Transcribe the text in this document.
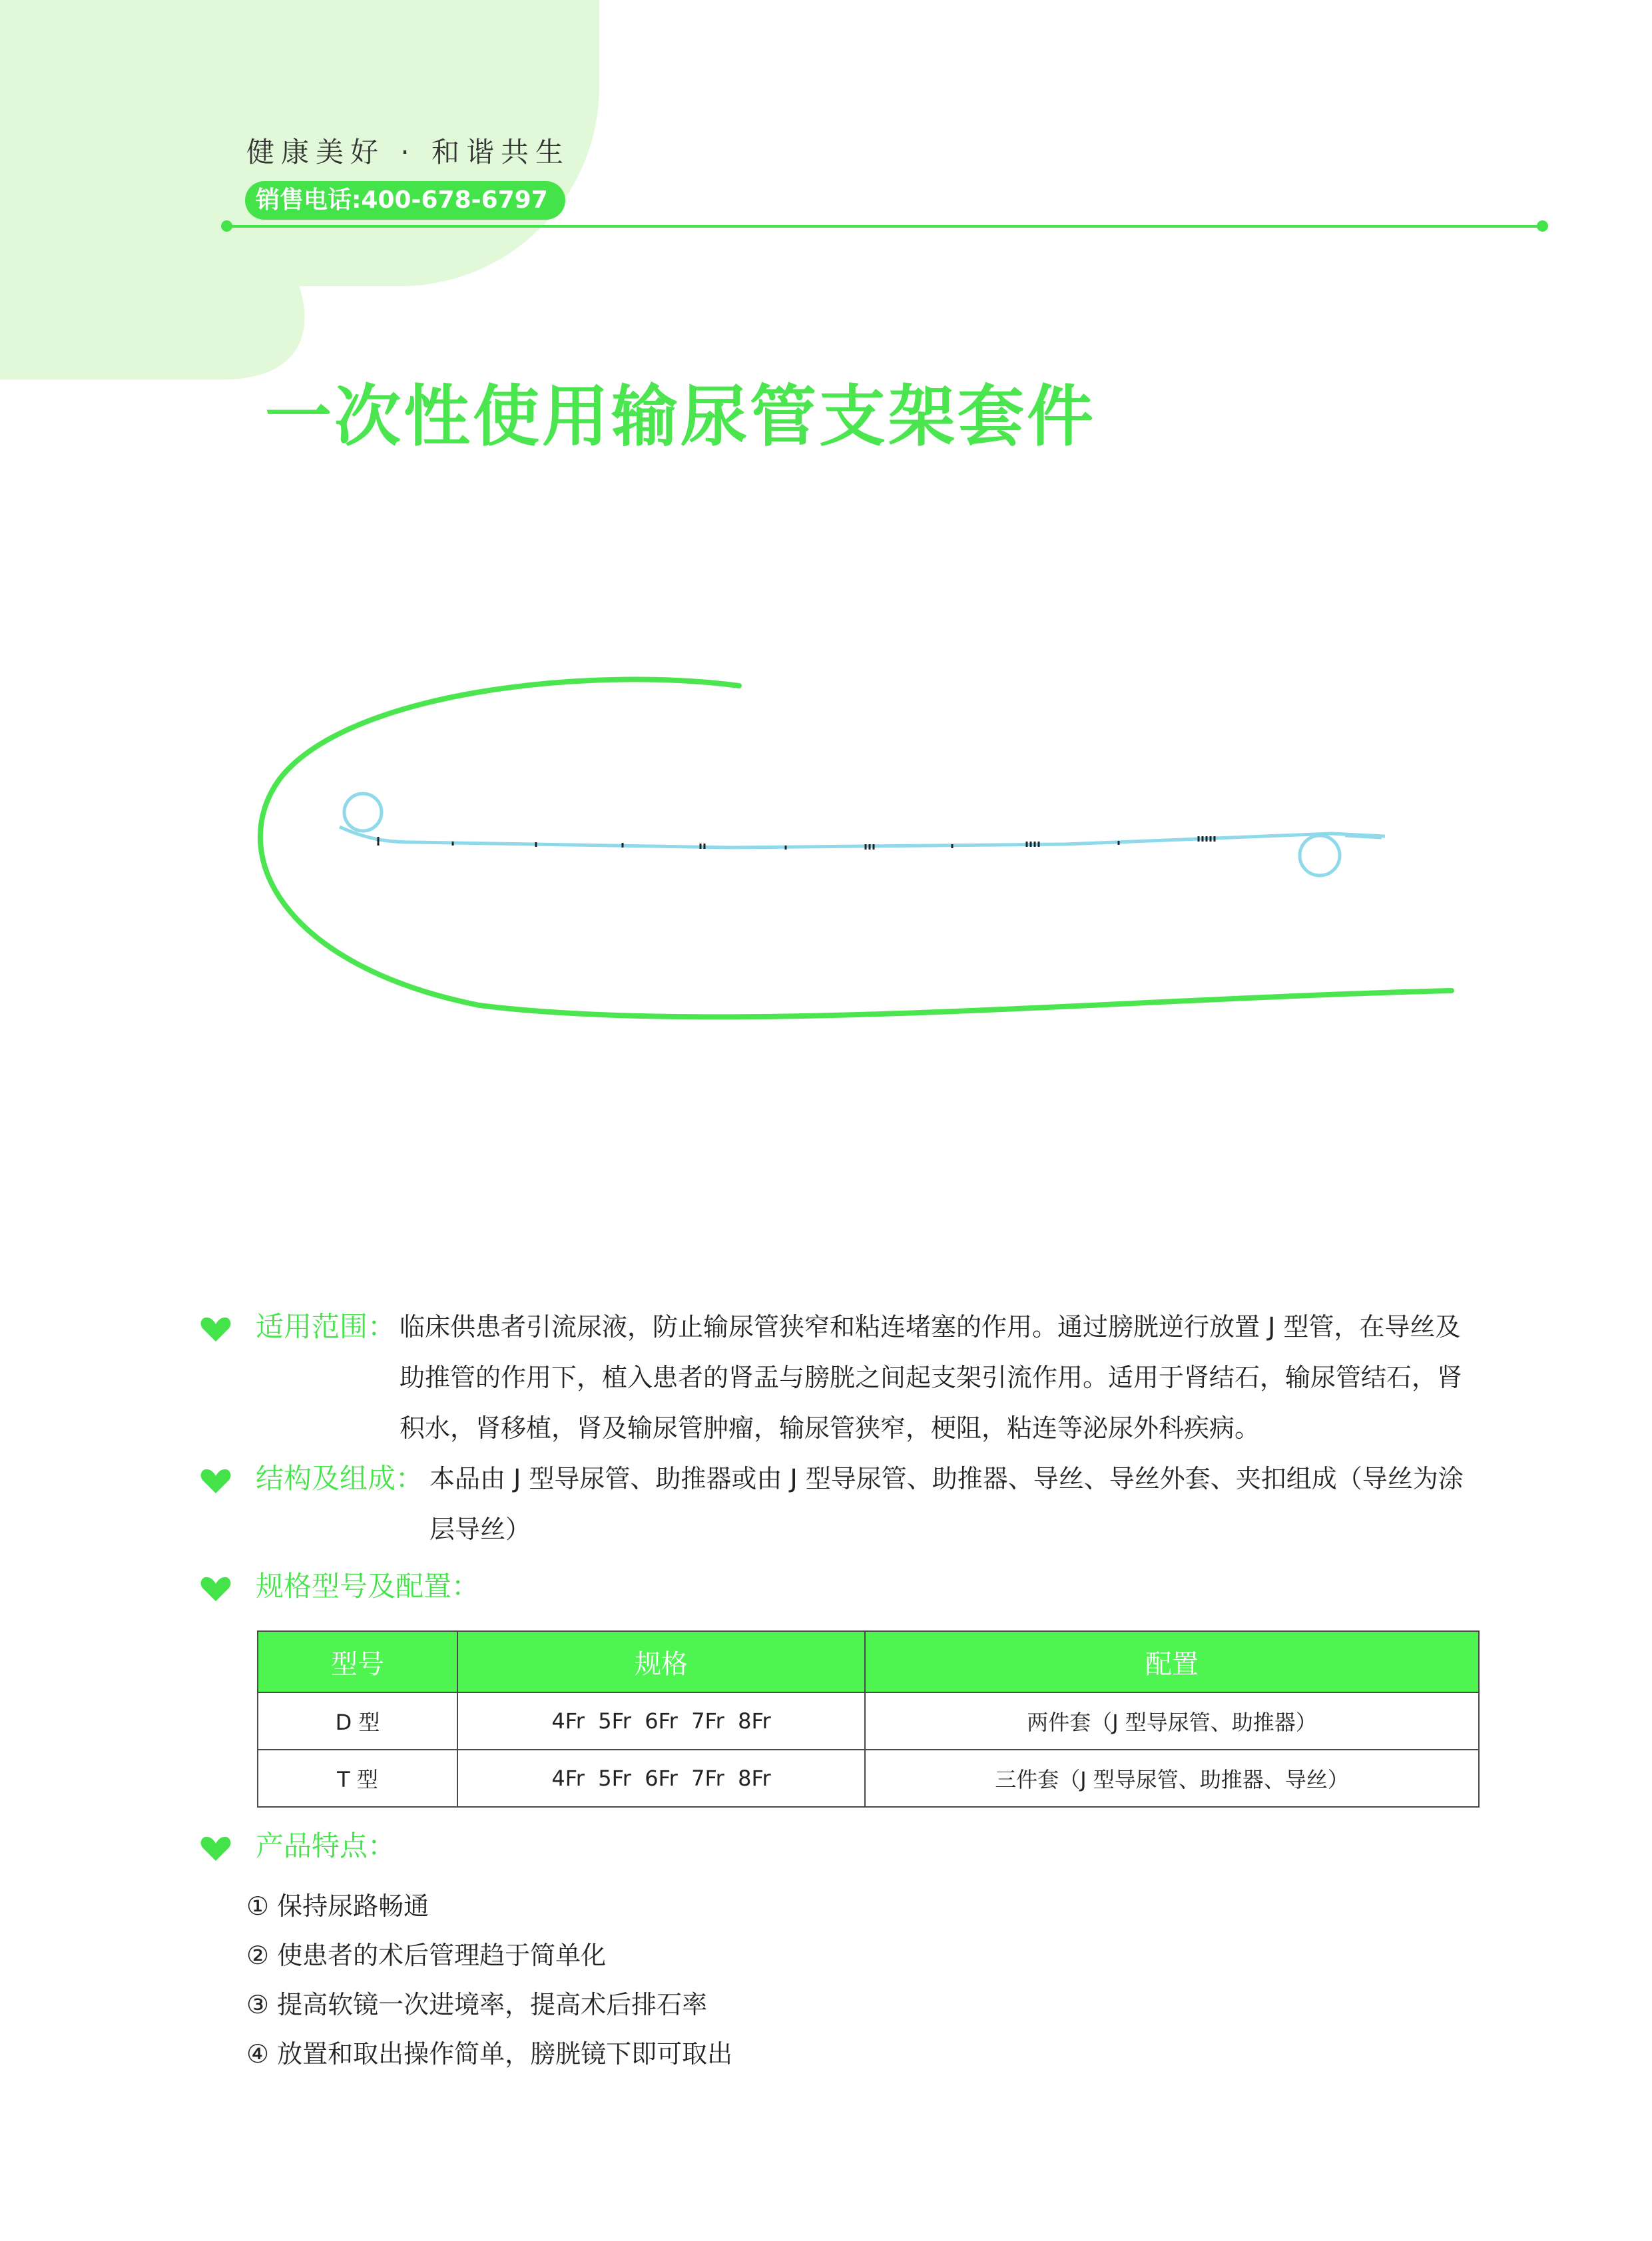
健康美好 · 和谐共生
销售电话:400-678-6797
一次性使用输尿管支架套件
适用范围： 临床供患者引流尿液，防止输尿管狭窄和粘连堵塞的作用。通过膀胱逆行放置 J 型管，在导丝及
助推管的作用下，植入患者的肾盂与膀胱之间起支架引流作用。适用于肾结石，输尿管结石，肾
积水，肾移植，肾及输尿管肿瘤，输尿管狭窄，梗阻，粘连等泌尿外科疾病。
结构及组成： 本品由 J 型导尿管、助推器或由 J 型导尿管、助推器、导丝、导丝外套、夹扣组成（导丝为涂
层导丝）
规格型号及配置：
型号	规格	配置
D 型	4Fr  5Fr  6Fr  7Fr  8Fr	两件套（J 型导尿管、助推器）
T 型	4Fr  5Fr  6Fr  7Fr  8Fr	三件套（J 型导尿管、助推器、导丝）
产品特点：
① 保持尿路畅通
② 使患者的术后管理趋于简单化
③ 提高软镜一次进境率，提高术后排石率
④ 放置和取出操作简单，膀胱镜下即可取出
